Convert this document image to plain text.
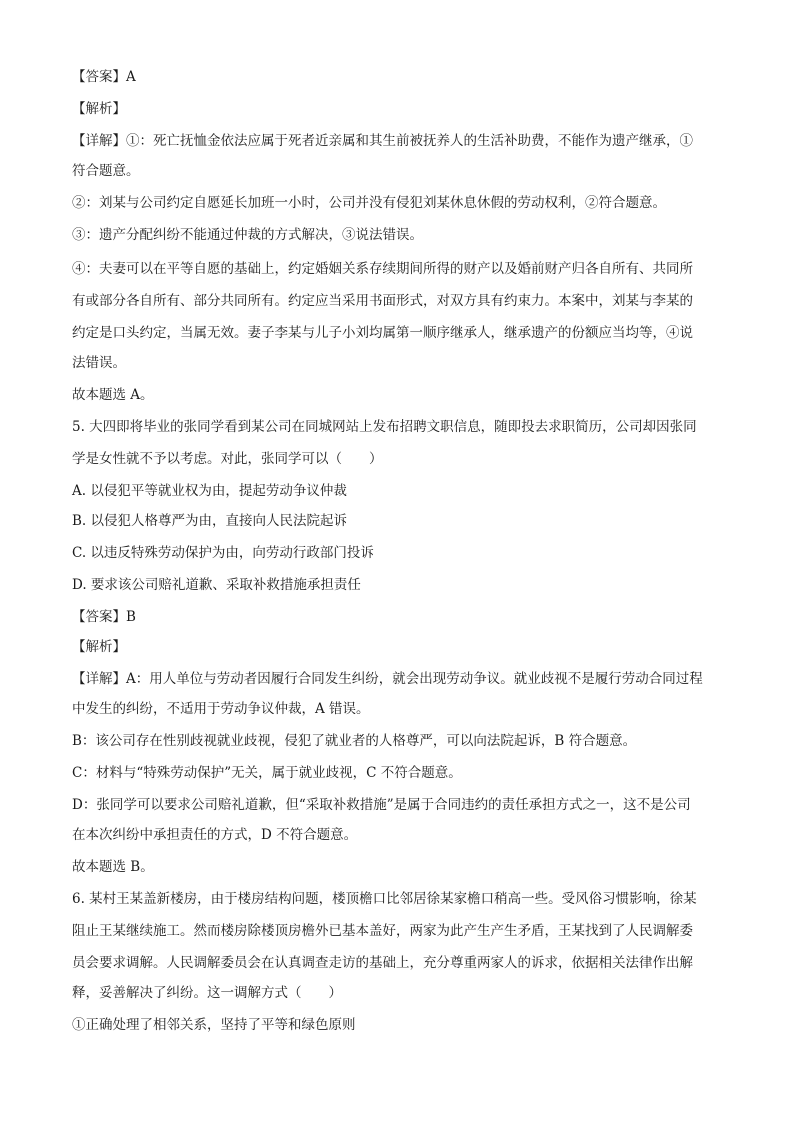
【答案】A
【解析】
【详解】①：死亡抚恤金依法应属于死者近亲属和其生前被抚养人的生活补助费，不能作为遗产继承，①
符合题意。
②：刘某与公司约定自愿延长加班一小时，公司并没有侵犯刘某休息休假的劳动权利，②符合题意。
③：遗产分配纠纷不能通过仲裁的方式解决，③说法错误。
④：夫妻可以在平等自愿的基础上，约定婚姻关系存续期间所得的财产以及婚前财产归各自所有、共同所
有或部分各自所有、部分共同所有。约定应当采用书面形式，对双方具有约束力。本案中，刘某与李某的
约定是口头约定，当属无效。妻子李某与儿子小刘均属第一顺序继承人，继承遗产的份额应当均等，④说
法错误。
故本题选 A。
5. 大四即将毕业的张同学看到某公司在同城网站上发布招聘文职信息，随即投去求职简历，公司却因张同
学是女性就不予以考虑。对此，张同学可以（　　）
A. 以侵犯平等就业权为由，提起劳动争议仲裁
B. 以侵犯人格尊严为由，直接向人民法院起诉
C. 以违反特殊劳动保护为由，向劳动行政部门投诉
D. 要求该公司赔礼道歉、采取补救措施承担责任
【答案】B
【解析】
【详解】A：用人单位与劳动者因履行合同发生纠纷，就会出现劳动争议。就业歧视不是履行劳动合同过程
中发生的纠纷，不适用于劳动争议仲裁，A 错误。
B：该公司存在性别歧视就业歧视，侵犯了就业者的人格尊严，可以向法院起诉，B 符合题意。
C：材料与“特殊劳动保护”无关，属于就业歧视，C 不符合题意。
D：张同学可以要求公司赔礼道歉，但“采取补救措施”是属于合同违约的责任承担方式之一，这不是公司
在本次纠纷中承担责任的方式，D 不符合题意。
故本题选 B。
6. 某村王某盖新楼房，由于楼房结构问题，楼顶檐口比邻居徐某家檐口稍高一些。受风俗习惯影响，徐某
阻止王某继续施工。然而楼房除楼顶房檐外已基本盖好，两家为此产生产生矛盾，王某找到了人民调解委
员会要求调解。人民调解委员会在认真调查走访的基础上，充分尊重两家人的诉求，依据相关法律作出解
释，妥善解决了纠纷。这一调解方式（　　）
①正确处理了相邻关系，坚持了平等和绿色原则
